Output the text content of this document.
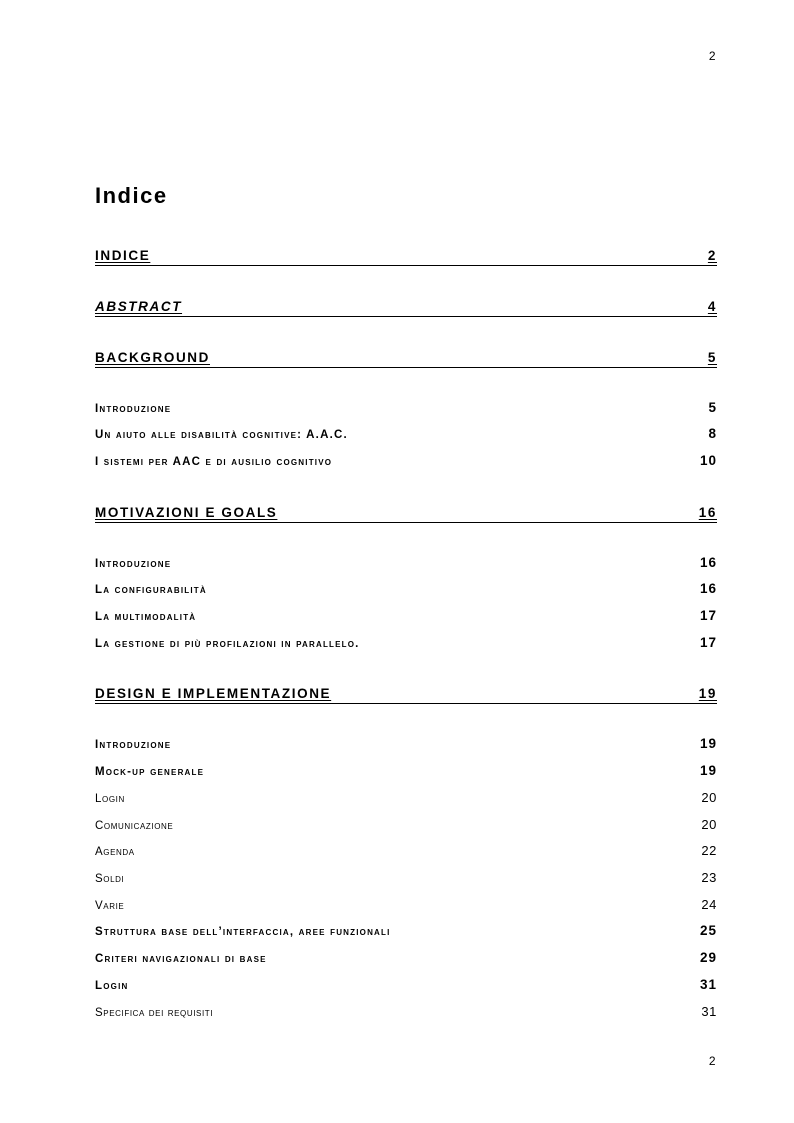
2
Indice
INDICE	2
ABSTRACT	4
BACKGROUND	5
Introduzione	5
Un aiuto alle disabilità cognitive: A.A.C.	8
I sistemi per AAC e di ausilio cognitivo	10
MOTIVAZIONI E GOALS	16
Introduzione	16
La configurabilità	16
La multimodalità	17
La gestione di più profilazioni in parallelo.	17
DESIGN E IMPLEMENTAZIONE	19
Introduzione	19
Mock-up generale	19
Login	20
Comunicazione	20
Agenda	22
Soldi	23
Varie	24
Struttura base dell’interfaccia, aree funzionali	25
Criteri navigazionali di base	29
Login	31
Specifica dei requisiti	31
2
